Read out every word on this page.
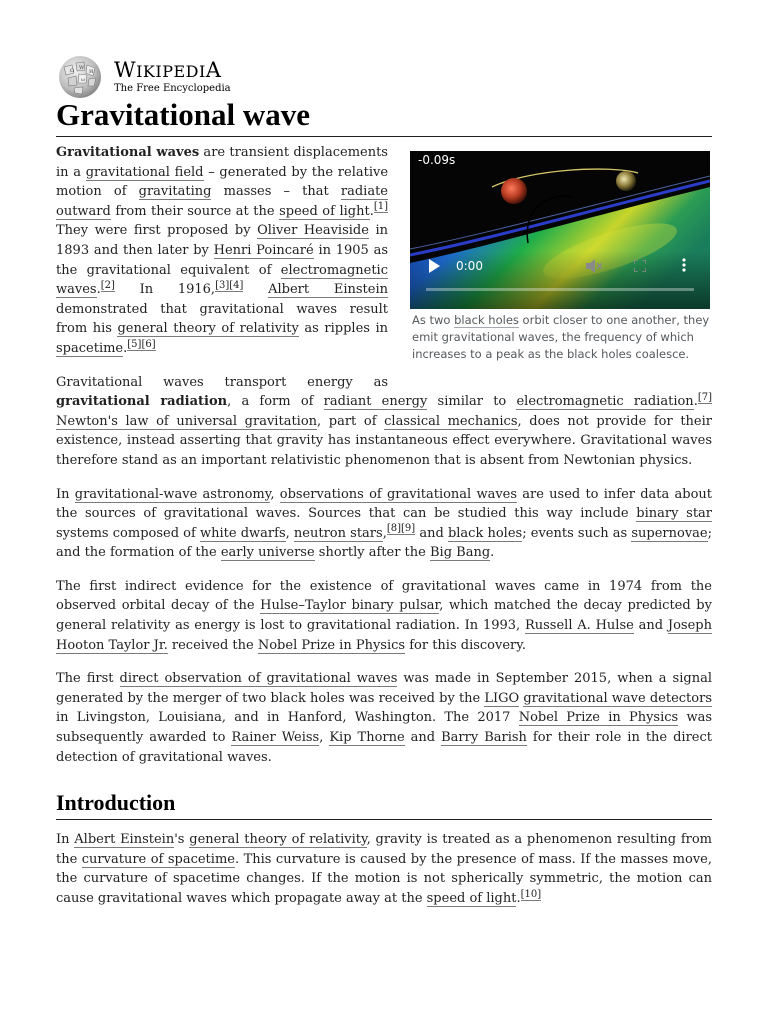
Ω W
И
ω WIKIPEDIA
The Free Encyclopedia
Gravitational wave
-0.09s
0:00
As two black holes orbit closer to one another, they emit gravitational waves, the frequency of which increases to a peak as the black holes coalesce.

Gravitational waves are transient displacements in a gravitational field – generated by the relative motion of gravitating masses – that radiate outward from their source at the speed of light.[1] They were first proposed by Oliver Heaviside in 1893 and then later by Henri Poincaré in 1905 as the gravitational equivalent of electromagnetic waves.[2] In 1916,[3][4] Albert Einstein demonstrated that gravitational waves result from his general theory of relativity as ripples in spacetime.[5][6]

Gravitational waves transport energy as gravitational radiation, a form of radiant energy similar to electromagnetic radiation.[7] Newton's law of universal gravitation, part of classical mechanics, does not provide for their existence, instead asserting that gravity has instantaneous effect everywhere. Gravitational waves therefore stand as an important relativistic phenomenon that is absent from Newtonian physics.

In gravitational-wave astronomy, observations of gravitational waves are used to infer data about the sources of gravitational waves. Sources that can be studied this way include binary star systems composed of white dwarfs, neutron stars,[8][9] and black holes; events such as supernovae; and the formation of the early universe shortly after the Big Bang.

The first indirect evidence for the existence of gravitational waves came in 1974 from the observed orbital decay of the Hulse–Taylor binary pulsar, which matched the decay predicted by general relativity as energy is lost to gravitational radiation. In 1993, Russell A. Hulse and Joseph Hooton Taylor Jr. received the Nobel Prize in Physics for this discovery.

The first direct observation of gravitational waves was made in September 2015, when a signal generated by the merger of two black holes was received by the LIGO gravitational wave detectors in Livingston, Louisiana, and in Hanford, Washington. The 2017 Nobel Prize in Physics was subsequently awarded to Rainer Weiss, Kip Thorne and Barry Barish for their role in the direct detection of gravitational waves.

Introduction

In Albert Einstein's general theory of relativity, gravity is treated as a phenomenon resulting from the curvature of spacetime. This curvature is caused by the presence of mass. If the masses move, the curvature of spacetime changes. If the motion is not spherically symmetric, the motion can cause gravitational waves which propagate away at the speed of light.[10]
